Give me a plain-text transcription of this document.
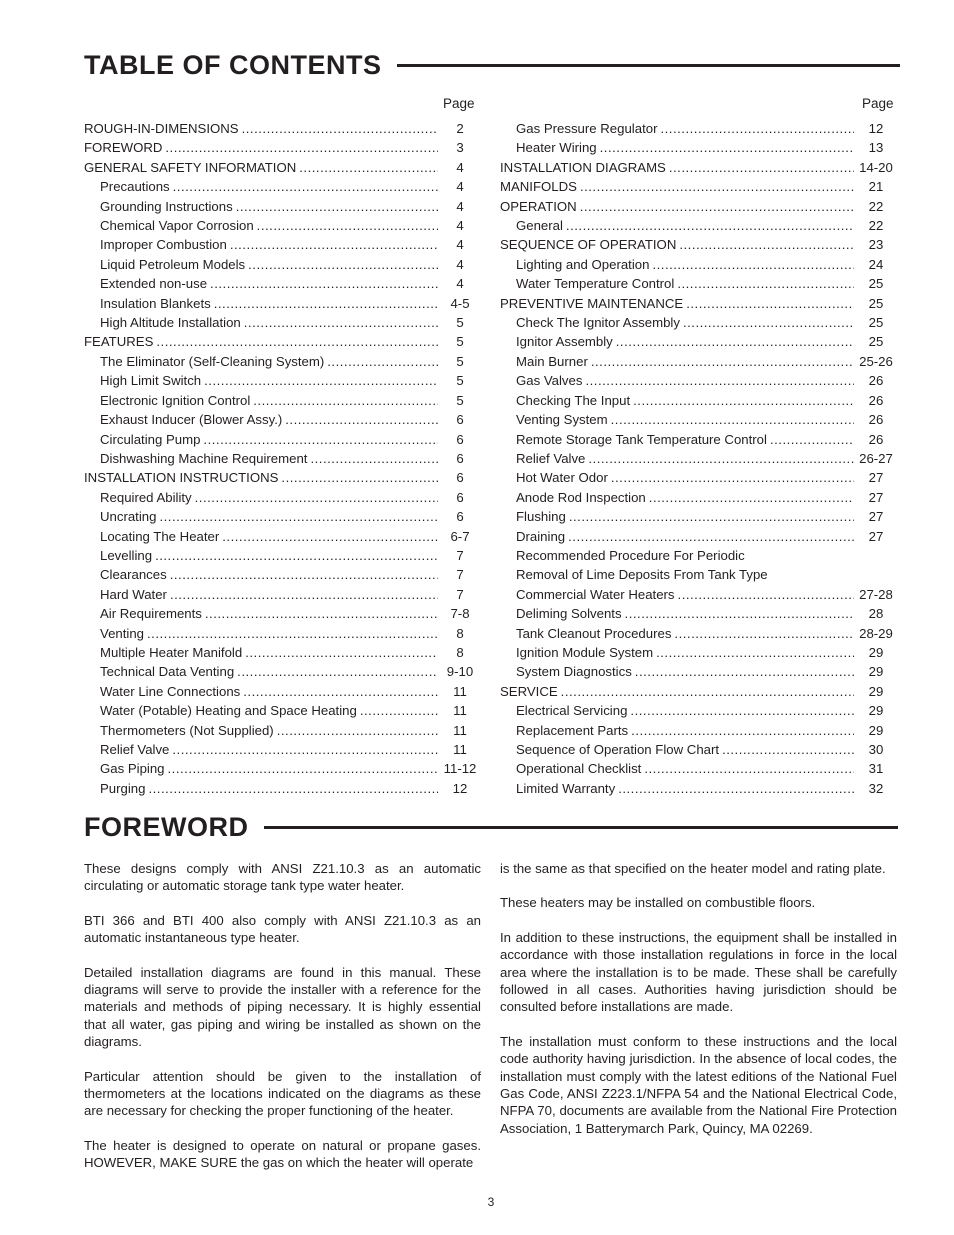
TABLE OF CONTENTS
Page	Page
ROUGH-IN-DIMENSIONS .....	2
FOREWORD .....	3
GENERAL SAFETY INFORMATION .....	4
Precautions .....	4
Grounding Instructions .....	4
Chemical Vapor Corrosion .....	4
Improper Combustion .....	4
Liquid Petroleum Models .....	4
Extended non-use .....	4
Insulation Blankets .....	4-5
High Altitude Installation .....	5
FEATURES .....	5
The Eliminator (Self-Cleaning System) .....	5
High Limit Switch .....	5
Electronic Ignition Control .....	5
Exhaust Inducer (Blower Assy.) .....	6
Circulating Pump .....	6
Dishwashing Machine Requirement .....	6
INSTALLATION INSTRUCTIONS .....	6
Required Ability .....	6
Uncrating .....	6
Locating The Heater .....	6-7
Levelling .....	7
Clearances .....	7
Hard Water .....	7
Air Requirements .....	7-8
Venting .....	8
Multiple Heater Manifold .....	8
Technical Data Venting .....	9-10
Water Line Connections .....	11
Water (Potable) Heating and Space Heating .....	11
Thermometers (Not Supplied) .....	11
Relief Valve .....	11
Gas Piping .....	11-12
Purging .....	12
Gas Pressure Regulator .....	12
Heater Wiring .....	13
INSTALLATION DIAGRAMS .....	14-20
MANIFOLDS .....	21
OPERATION .....	22
General .....	22
SEQUENCE OF OPERATION .....	23
Lighting and Operation .....	24
Water Temperature Control .....	25
PREVENTIVE MAINTENANCE .....	25
Check The Ignitor Assembly .....	25
Ignitor Assembly .....	25
Main Burner .....	25-26
Gas Valves .....	26
Checking The Input .....	26
Venting System .....	26
Remote Storage Tank Temperature Control .....	26
Relief Valve .....	26-27
Hot Water Odor .....	27
Anode Rod Inspection .....	27
Flushing .....	27
Draining .....	27
Recommended Procedure For Periodic
Removal of Lime Deposits From Tank Type
Commercial Water Heaters .....	27-28
Deliming Solvents .....	28
Tank Cleanout Procedures .....	28-29
Ignition Module System .....	29
System Diagnostics .....	29
SERVICE .....	29
Electrical Servicing .....	29
Replacement Parts .....	29
Sequence of Operation Flow Chart .....	30
Operational Checklist .....	31
Limited Warranty .....	32
FOREWORD

These designs comply with ANSI Z21.10.3 as an automatic circulating or automatic storage tank type water heater.

BTI 366 and BTI 400 also comply with ANSI Z21.10.3 as an automatic instantaneous type heater.

Detailed installation diagrams are found in this manual. These diagrams will serve to provide the installer with a reference for the materials and methods of piping necessary. It is highly essential that all water, gas piping and wiring be installed as shown on the diagrams.

Particular attention should be given to the installation of thermometers at the locations indicated on the diagrams as these are necessary for checking the proper functioning of the heater.

The heater is designed to operate on natural or propane gases. HOWEVER, MAKE SURE the gas on which the heater will operate

is the same as that specified on the heater model and rating plate.

These heaters may be installed on combustible floors.

In addition to these instructions, the equipment shall be installed in accordance with those installation regulations in force in the local area where the installation is to be made. These shall be carefully followed in all cases. Authorities having jurisdiction should be consulted before installations are made.

The installation must conform to these instructions and the local code authority having jurisdiction. In the absence of local codes, the installation must comply with the latest editions of the National Fuel Gas Code, ANSI Z223.1/NFPA 54 and the National Electrical Code, NFPA 70, documents are available from the National Fire Protection Association, 1 Batterymarch Park, Quincy, MA 02269.

3
